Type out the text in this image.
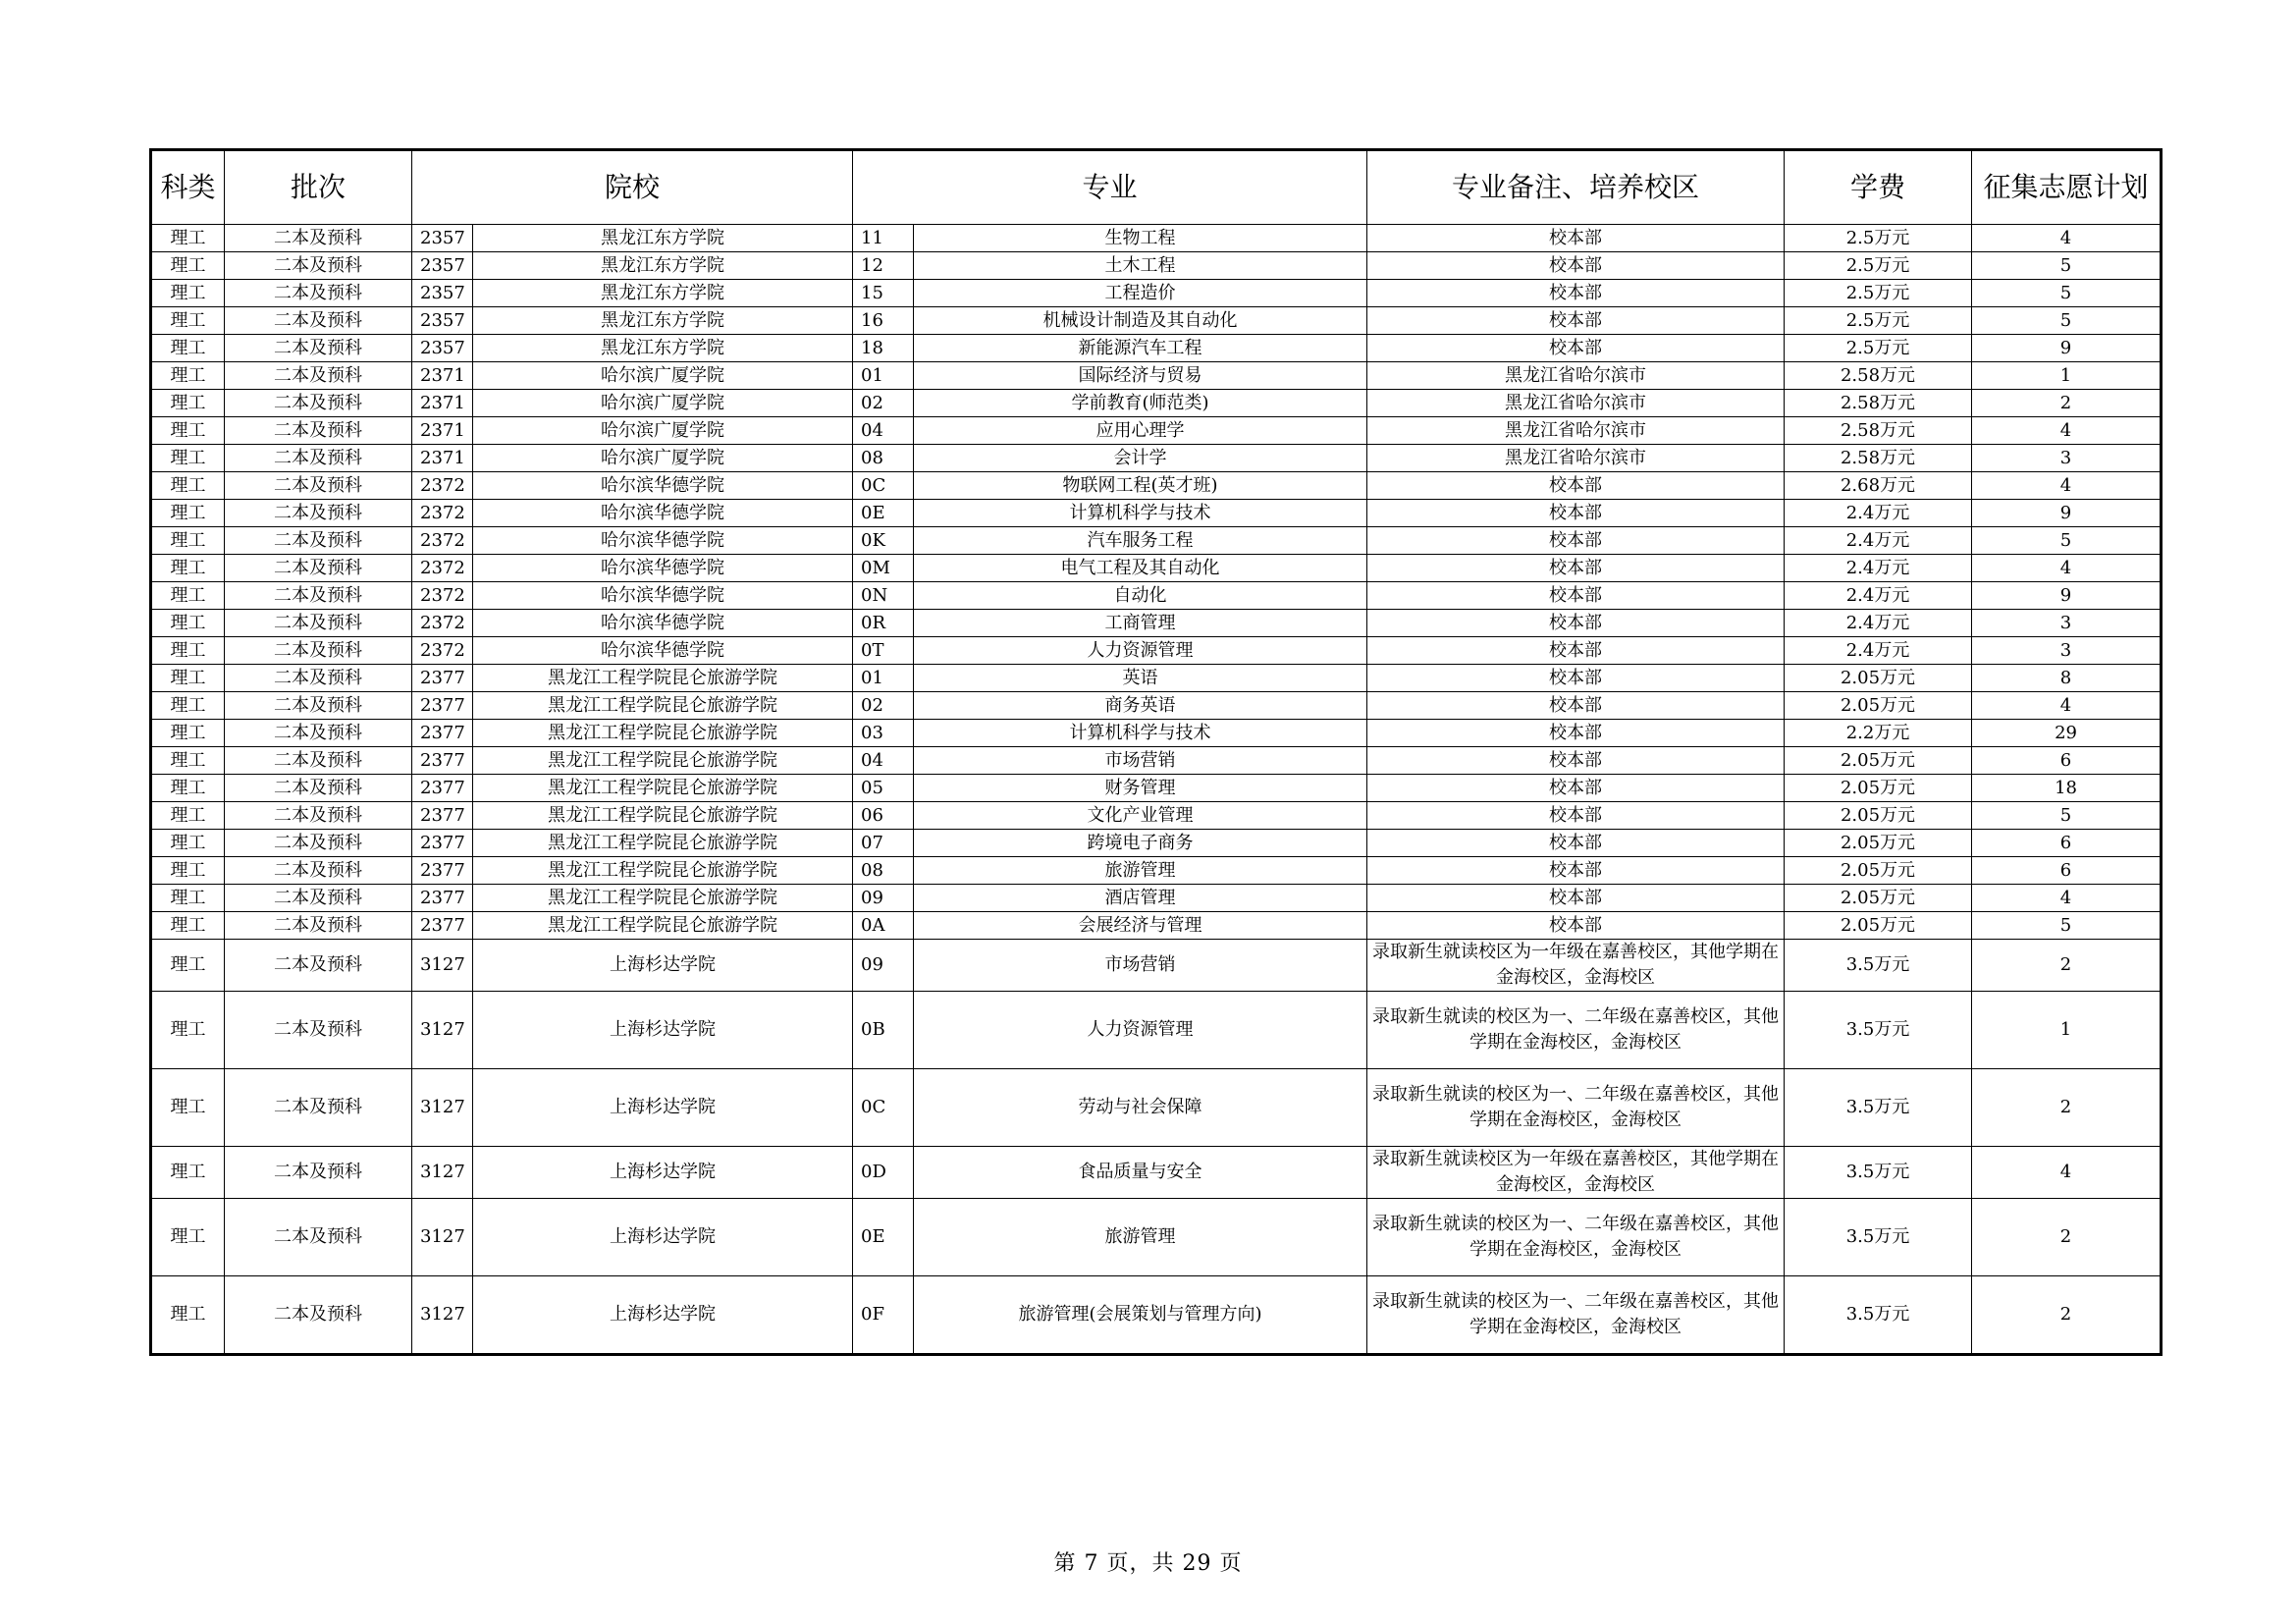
科类	批次	院校		专业		专业备注、培养校区	学费	征集志愿计划
理工	二本及预科	2357	黑龙江东方学院	11	生物工程	校本部	2.5万元	4
理工	二本及预科	2357	黑龙江东方学院	12	土木工程	校本部	2.5万元	5
理工	二本及预科	2357	黑龙江东方学院	15	工程造价	校本部	2.5万元	5
理工	二本及预科	2357	黑龙江东方学院	16	机械设计制造及其自动化	校本部	2.5万元	5
理工	二本及预科	2357	黑龙江东方学院	18	新能源汽车工程	校本部	2.5万元	9
理工	二本及预科	2371	哈尔滨广厦学院	01	国际经济与贸易	黑龙江省哈尔滨市	2.58万元	1
理工	二本及预科	2371	哈尔滨广厦学院	02	学前教育(师范类)	黑龙江省哈尔滨市	2.58万元	2
理工	二本及预科	2371	哈尔滨广厦学院	04	应用心理学	黑龙江省哈尔滨市	2.58万元	4
理工	二本及预科	2371	哈尔滨广厦学院	08	会计学	黑龙江省哈尔滨市	2.58万元	3
理工	二本及预科	2372	哈尔滨华德学院	0C	物联网工程(英才班)	校本部	2.68万元	4
理工	二本及预科	2372	哈尔滨华德学院	0E	计算机科学与技术	校本部	2.4万元	9
理工	二本及预科	2372	哈尔滨华德学院	0K	汽车服务工程	校本部	2.4万元	5
理工	二本及预科	2372	哈尔滨华德学院	0M	电气工程及其自动化	校本部	2.4万元	4
理工	二本及预科	2372	哈尔滨华德学院	0N	自动化	校本部	2.4万元	9
理工	二本及预科	2372	哈尔滨华德学院	0R	工商管理	校本部	2.4万元	3
理工	二本及预科	2372	哈尔滨华德学院	0T	人力资源管理	校本部	2.4万元	3
理工	二本及预科	2377	黑龙江工程学院昆仑旅游学院	01	英语	校本部	2.05万元	8
理工	二本及预科	2377	黑龙江工程学院昆仑旅游学院	02	商务英语	校本部	2.05万元	4
理工	二本及预科	2377	黑龙江工程学院昆仑旅游学院	03	计算机科学与技术	校本部	2.2万元	29
理工	二本及预科	2377	黑龙江工程学院昆仑旅游学院	04	市场营销	校本部	2.05万元	6
理工	二本及预科	2377	黑龙江工程学院昆仑旅游学院	05	财务管理	校本部	2.05万元	18
理工	二本及预科	2377	黑龙江工程学院昆仑旅游学院	06	文化产业管理	校本部	2.05万元	5
理工	二本及预科	2377	黑龙江工程学院昆仑旅游学院	07	跨境电子商务	校本部	2.05万元	6
理工	二本及预科	2377	黑龙江工程学院昆仑旅游学院	08	旅游管理	校本部	2.05万元	6
理工	二本及预科	2377	黑龙江工程学院昆仑旅游学院	09	酒店管理	校本部	2.05万元	4
理工	二本及预科	2377	黑龙江工程学院昆仑旅游学院	0A	会展经济与管理	校本部	2.05万元	5
理工	二本及预科	3127	上海杉达学院	09	市场营销	录取新生就读校区为一年级在嘉善校区，其他学期在金海校区，金海校区	3.5万元	2
理工	二本及预科	3127	上海杉达学院	0B	人力资源管理	录取新生就读的校区为一、二年级在嘉善校区，其他学期在金海校区，金海校区	3.5万元	1
理工	二本及预科	3127	上海杉达学院	0C	劳动与社会保障	录取新生就读的校区为一、二年级在嘉善校区，其他学期在金海校区，金海校区	3.5万元	2
理工	二本及预科	3127	上海杉达学院	0D	食品质量与安全	录取新生就读校区为一年级在嘉善校区，其他学期在金海校区，金海校区	3.5万元	4
理工	二本及预科	3127	上海杉达学院	0E	旅游管理	录取新生就读的校区为一、二年级在嘉善校区，其他学期在金海校区，金海校区	3.5万元	2
理工	二本及预科	3127	上海杉达学院	0F	旅游管理(会展策划与管理方向)	录取新生就读的校区为一、二年级在嘉善校区，其他学期在金海校区，金海校区	3.5万元	2
第 7 页，共 29 页
